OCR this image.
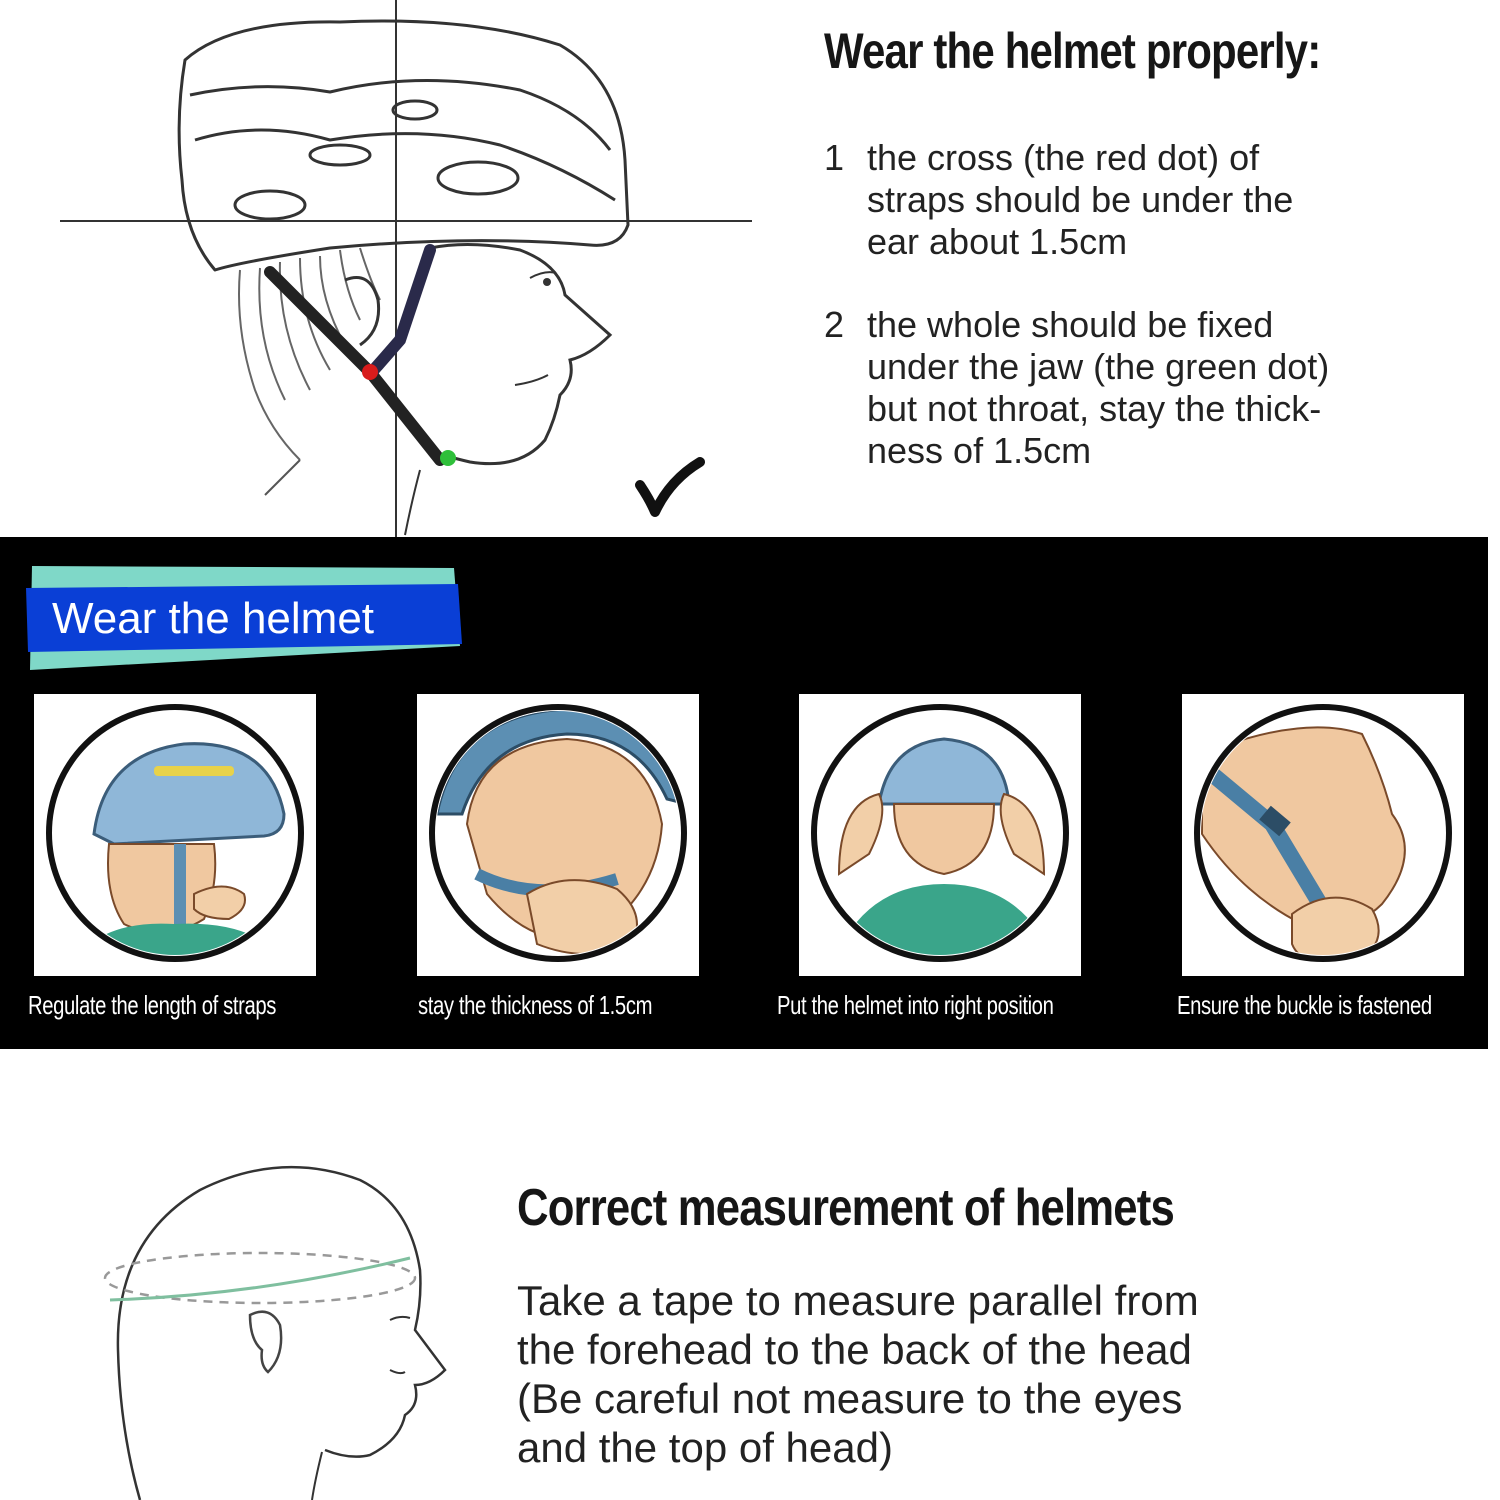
Wear the helmet properly:
1 the cross (the red dot) of
straps should be under the
ear about 1.5cm
2 the whole should be fixed
under the jaw (the green dot)
but not throat, stay the thick-
ness of 1.5cm
Wear the helmet
Regulate the length of straps	stay the thickness of 1.5cm	Put the helmet into right position	Ensure the buckle is fastened
Correct measurement of helmets
Take a tape to measure parallel from
the forehead to the back of the head
(Be careful not measure to the eyes
and the top of head)
